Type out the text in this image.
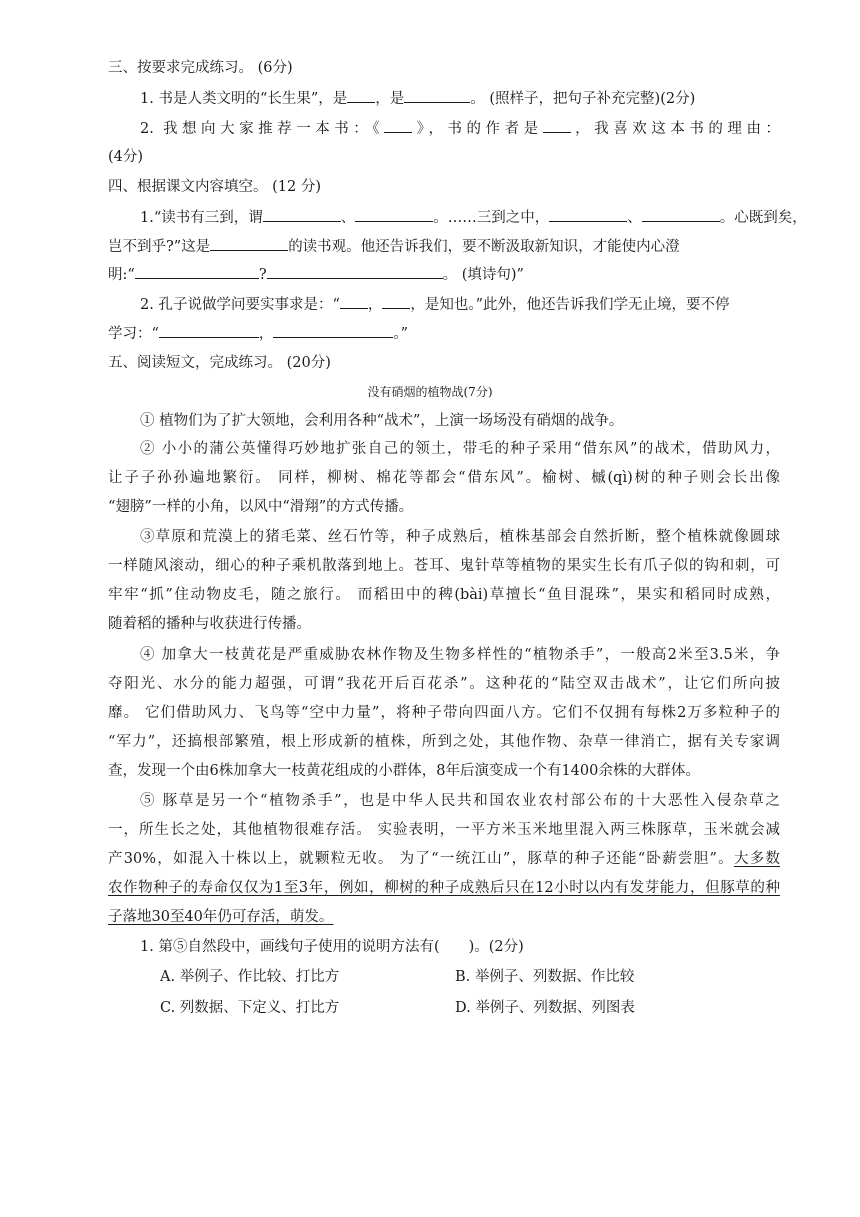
三、按要求完成练习。 (6分)
1. 书是人类文明的“长生果”，是 ，是	。 (照样子，把句子补充完整)(2分)
2. 我想向大家推荐一本书：《 》，书的作者是 ，我喜欢这本书的理由：
(4分)
四、根据课文内容填空。 (12 分)
1.“读书有三到，谓	、	。……三到之中，	、	。心既到矣，
岂不到乎?”这是	的读书观。他还告诉我们，要不断汲取新知识，才能使内心澄
明:“	?	。 (填诗句)”
2. 孔子说做学问要实事求是：“ ， ，是知也。”此外，他还告诉我们学无止境，要不停
学习：“	，	。”
五、阅读短文，完成练习。 (20分)
没有硝烟的植物战(7分)
① 植物们为了扩大领地，会利用各种“战术”，上演一场场没有硝烟的战争。
② 小小的蒲公英懂得巧妙地扩张自己的领土，带毛的种子采用“借东风”的战术，借助风力，
让子子孙孙遍地繁衍。 同样，柳树、棉花等都会“借东风”。榆树、槭(qì)树的种子则会长出像
“翅膀”一样的小角，以风中“滑翔”的方式传播。
③草原和荒漠上的猪毛菜、丝石竹等，种子成熟后，植株基部会自然折断，整个植株就像圆球
一样随风滚动，细心的种子乘机散落到地上。苍耳、鬼针草等植物的果实生长有爪子似的钩和刺，可
牢牢“抓”住动物皮毛，随之旅行。 而稻田中的稗(bài)草擅长“鱼目混珠”，果实和稻同时成熟，
随着稻的播种与收获进行传播。
④ 加拿大一枝黄花是严重威胁农林作物及生物多样性的“植物杀手”，一般高2米至3.5米，争
夺阳光、水分的能力超强，可谓“我花开后百花杀”。这种花的“陆空双击战术”，让它们所向披
靡。 它们借助风力、飞鸟等“空中力量”，将种子带向四面八方。它们不仅拥有每株2万多粒种子的
“军力”，还搞根部繁殖，根上形成新的植株，所到之处，其他作物、杂草一律消亡，据有关专家调
查，发现一个由6株加拿大一枝黄花组成的小群体，8年后演变成一个有1400余株的大群体。
⑤ 豚草是另一个“植物杀手”，也是中华人民共和国农业农村部公布的十大恶性入侵杂草之
一，所生长之处，其他植物很难存活。 实验表明，一平方米玉米地里混入两三株豚草，玉米就会减
产30%，如混入十株以上，就颗粒无收。 为了“一统江山”，豚草的种子还能“卧薪尝胆”。大多数
农作物种子的寿命仅仅为1至3年，例如，柳树的种子成熟后只在12小时以内有发芽能力，但豚草的种
子落地30至40年仍可存活，萌发。
1. 第⑤自然段中，画线句子使用的说明方法有(　　)。(2分)
A. 举例子、作比较、打比方	B. 举例子、列数据、作比较
C. 列数据、下定义、打比方	D. 举例子、列数据、列图表
